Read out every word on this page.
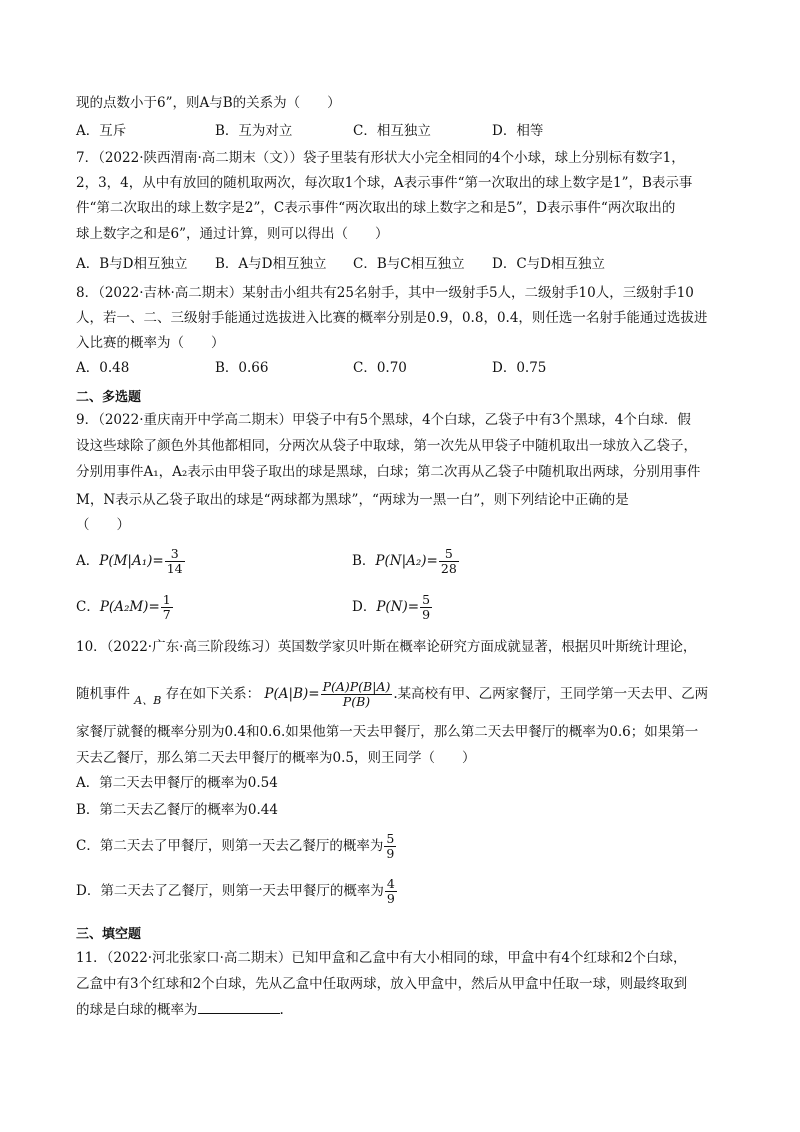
现的点数小于6”，则A与B的关系为（　　）
A．互斥	B．互为对立	C．相互独立	D．相等
7．（2022·陕西渭南·高二期末（文））袋子里装有形状大小完全相同的4个小球，球上分别标有数字1，
2，3，4，从中有放回的随机取两次，每次取1个球，A表示事件“第一次取出的球上数字是1”，B表示事
件“第二次取出的球上数字是2”，C表示事件“两次取出的球上数字之和是5”，D表示事件“两次取出的
球上数字之和是6”，通过计算，则可以得出（　　）
A．B与D相互独立 B．A与D相互独立 C．B与C相互独立 D．C与D相互独立
8．（2022·吉林·高二期末）某射击小组共有25名射手，其中一级射手5人，二级射手10人，三级射手10
人，若一、二、三级射手能通过选拔进入比赛的概率分别是0.9，0.8，0.4，则任选一名射手能通过选拔进
入比赛的概率为（　　）
A．0.48	B．0.66	C．0.70	D．0.75
二、多选题
9．（2022·重庆南开中学高二期末）甲袋子中有5个黑球，4个白球，乙袋子中有3个黑球，4个白球．假
设这些球除了颜色外其他都相同，分两次从袋子中取球，第一次先从甲袋子中随机取出一球放入乙袋子，
分别用事件A₁，A₂表示由甲袋子取出的球是黑球，白球；第二次再从乙袋子中随机取出两球，分别用事件
M，N表示从乙袋子取出的球是“两球都为黑球”，“两球为一黑一白”，则下列结论中正确的是
（　　）
A．$P(M|A_1)= \frac{3}{14}$	B．$P(N|A_2)= \frac{5}{28}$
C．$P(A_2M)= \frac{1}{7}$	D．$P(N)= \frac{5}{9}$
10．（2022·广东·高三阶段练习）英国数学家贝叶斯在概率论研究方面成就显著，根据贝叶斯统计理论，
随机事件 $_{A、B}$ 存在如下关系： $P(A|B)= \frac{P(A)P(B|A)}{P(B)}$ .某高校有甲、乙两家餐厅，王同学第一天去甲、乙两
家餐厅就餐的概率分别为0.4和0.6.如果他第一天去甲餐厅，那么第二天去甲餐厅的概率为0.6；如果第一
天去乙餐厅，那么第二天去甲餐厅的概率为0.5，则王同学（　　）
A．第二天去甲餐厅的概率为0.54
B．第二天去乙餐厅的概率为0.44
C．第二天去了甲餐厅，则第一天去乙餐厅的概率为 $\frac{5}{9}$
D．第二天去了乙餐厅，则第一天去甲餐厅的概率为 $\frac{4}{9}$
三、填空题
11．（2022·河北张家口·高二期末）已知甲盒和乙盒中有大小相同的球，甲盒中有4个红球和2个白球，
乙盒中有3个红球和2个白球，先从乙盒中任取两球，放入甲盒中，然后从甲盒中任取一球，则最终取到
的球是白球的概率为	.
